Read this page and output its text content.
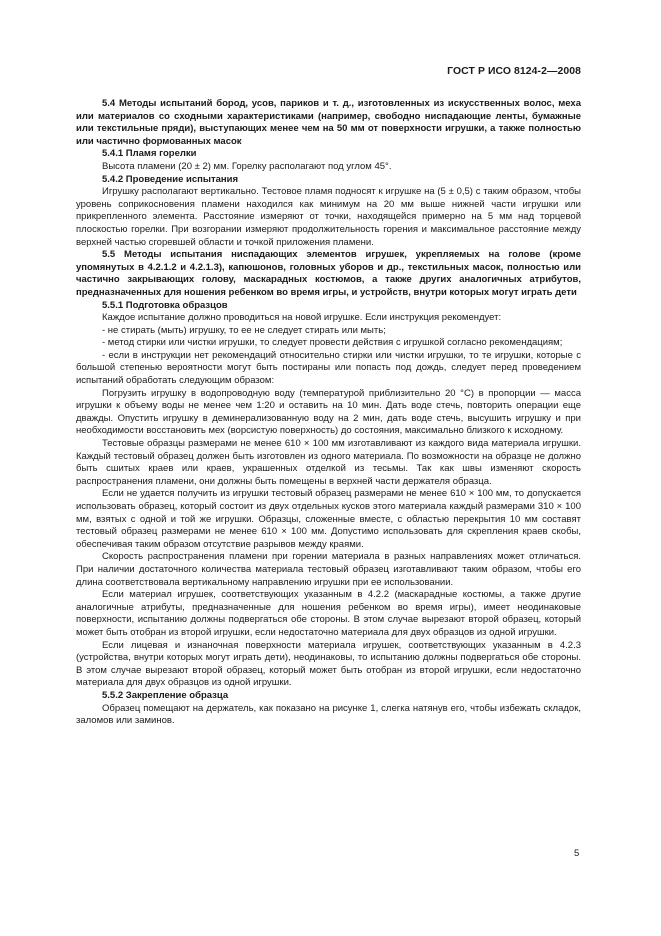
ГОСТ Р ИСО 8124-2—2008

5.4 Методы испытаний бород, усов, париков и т. д., изготовленных из искусственных волос, меха или материалов со сходными характеристиками (например, свободно ниспадающие ленты, бумажные или текстильные пряди), выступающих менее чем на 50 мм от поверхности игрушки, а также полностью или частично формованных масок

5.4.1 Пламя горелки

Высота пламени (20 ± 2) мм. Горелку располагают под углом 45°.

5.4.2 Проведение испытания

Игрушку располагают вертикально. Тестовое пламя подносят к игрушке на (5 ± 0,5) с таким образом, чтобы уровень соприкосновения пламени находился как минимум на 20 мм выше нижней части игрушки или прикрепленного элемента. Расстояние измеряют от точки, находящейся примерно на 5 мм над торцевой плоскостью горелки. При возгорании измеряют продолжительность горения и максимальное расстояние между верхней частью сгоревшей области и точкой приложения пламени.

5.5 Методы испытания ниспадающих элементов игрушек, укрепляемых на голове (кроме упомянутых в 4.2.1.2 и 4.2.1.3), капюшонов, головных уборов и др., текстильных масок, полностью или частично закрывающих голову, маскарадных костюмов, а также других аналогичных атрибутов, предназначенных для ношения ребенком во время игры, и устройств, внутри которых могут играть дети

5.5.1 Подготовка образцов

Каждое испытание должно проводиться на новой игрушке. Если инструкция рекомендует:

- не стирать (мыть) игрушку, то ее не следует стирать или мыть;

- метод стирки или чистки игрушки, то следует провести действия с игрушкой согласно рекомендациям;

- если в инструкции нет рекомендаций относительно стирки или чистки игрушки, то те игрушки, которые с большой степенью вероятности могут быть постираны или попасть под дождь, следует перед проведением испытаний обработать следующим образом:

Погрузить игрушку в водопроводную воду (температурой приблизительно 20 °С) в пропорции — масса игрушки к объему воды не менее чем 1:20 и оставить на 10 мин. Дать воде стечь, повторить операции еще дважды. Опустить игрушку в деминерализованную воду на 2 мин, дать воде стечь, высушить игрушку и при необходимости восстановить мех (ворсистую поверхность) до состояния, максимально близкого к исходному.

Тестовые образцы размерами не менее 610 × 100 мм изготавливают из каждого вида материала игрушки. Каждый тестовый образец должен быть изготовлен из одного материала. По возможности на образце не должно быть сшитых краев или краев, украшенных отделкой из тесьмы. Так как швы изменяют скорость распространения пламени, они должны быть помещены в верхней части держателя образца.

Если не удается получить из игрушки тестовый образец размерами не менее 610 × 100 мм, то допускается использовать образец, который состоит из двух отдельных кусков этого материала каждый размерами 310 × 100 мм, взятых с одной и той же игрушки. Образцы, сложенные вместе, с областью перекрытия 10 мм составят тестовый образец размерами не менее 610 × 100 мм. Допустимо использовать для скрепления краев скобы, обеспечивая таким образом отсутствие разрывов между краями.

Скорость распространения пламени при горении материала в разных направлениях может отличаться. При наличии достаточного количества материала тестовый образец изготавливают таким образом, чтобы его длина соответствовала вертикальному направлению игрушки при ее использовании.

Если материал игрушек, соответствующих указанным в 4.2.2 (маскарадные костюмы, а также другие аналогичные атрибуты, предназначенные для ношения ребенком во время игры), имеет неодинаковые поверхности, испытанию должны подвергаться обе стороны. В этом случае вырезают второй образец, который может быть отобран из второй игрушки, если недостаточно материала для двух образцов из одной игрушки.

Если лицевая и изнаночная поверхности материала игрушек, соответствующих указанным в 4.2.3 (устройства, внутри которых могут играть дети), неодинаковы, то испытанию должны подвергаться обе стороны. В этом случае вырезают второй образец, который может быть отобран из второй игрушки, если недостаточно материала для двух образцов из одной игрушки.

5.5.2 Закрепление образца

Образец помещают на держатель, как показано на рисунке 1, слегка натянув его, чтобы избежать складок, заломов или заминов.

5
